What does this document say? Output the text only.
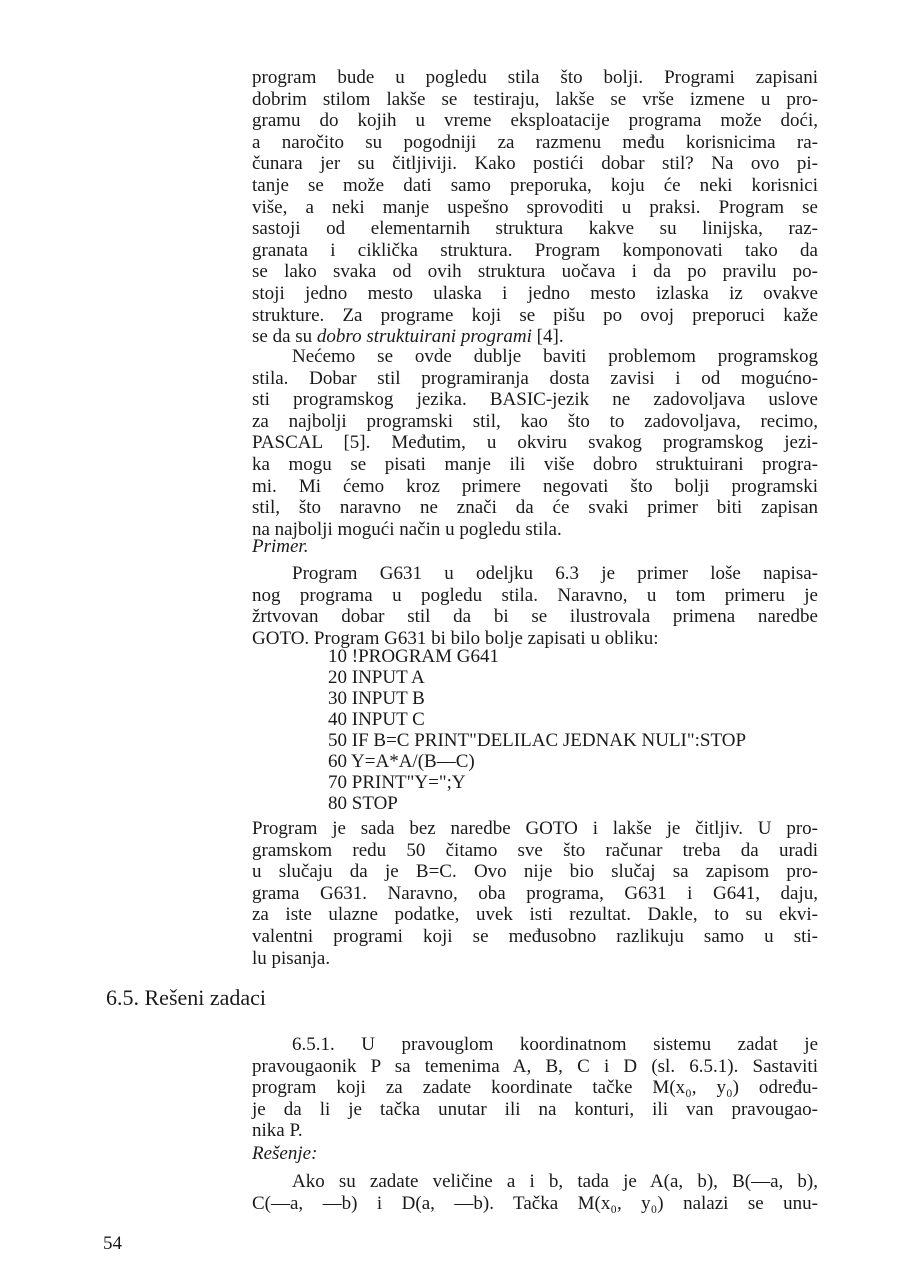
program bude u pogledu stila što bolji. Programi zapisani
dobrim stilom lakše se testiraju, lakše se vrše izmene u pro-
gramu do kojih u vreme eksploatacije programa može doći,
a naročito su pogodniji za razmenu među korisnicima ra-
čunara jer su čitljiviji. Kako postići dobar stil? Na ovo pi-
tanje se može dati samo preporuka, koju će neki korisnici
više, a neki manje uspešno sprovoditi u praksi. Program se
sastoji od elementarnih struktura kakve su linijska, raz-
granata i ciklička struktura. Program komponovati tako da
se lako svaka od ovih struktura uočava i da po pravilu po-
stoji jedno mesto ulaska i jedno mesto izlaska iz ovakve
strukture. Za programe koji se pišu po ovoj preporuci kaže
se da su dobro struktuirani programi [4].
Nećemo se ovde dublje baviti problemom programskog
stila. Dobar stil programiranja dosta zavisi i od mogućno-
sti programskog jezika. BASIC-jezik ne zadovoljava uslove
za najbolji programski stil, kao što to zadovoljava, recimo,
PASCAL [5]. Međutim, u okviru svakog programskog jezi-
ka mogu se pisati manje ili više dobro struktuirani progra-
mi. Mi ćemo kroz primere negovati što bolji programski
stil, što naravno ne znači da će svaki primer biti zapisan
na najbolji mogući način u pogledu stila.
Primer.
Program G631 u odeljku 6.3 je primer loše napisa-
nog programa u pogledu stila. Naravno, u tom primeru je
žrtvovan dobar stil da bi se ilustrovala primena naredbe
GOTO. Program G631 bi bilo bolje zapisati u obliku:
10 !PROGRAM G641
20 INPUT A
30 INPUT B
40 INPUT C
50 IF B=C PRINT"DELILAC JEDNAK NULI":STOP
60 Y=A*A/(B—C)
70 PRINT"Y=";Y
80 STOP
Program je sada bez naredbe GOTO i lakše je čitljiv. U pro-
gramskom redu 50 čitamo sve što računar treba da uradi
u slučaju da je B=C. Ovo nije bio slučaj sa zapisom pro-
grama G631. Naravno, oba programa, G631 i G641, daju,
za iste ulazne podatke, uvek isti rezultat. Dakle, to su ekvi-
valentni programi koji se međusobno razlikuju samo u sti-
lu pisanja.
6.5. Rešeni zadaci
6.5.1. U pravouglom koordinatnom sistemu zadat je
pravougaonik P sa temenima A, B, C i D (sl. 6.5.1). Sastaviti
program koji za zadate koordinate tačke M(x₀, y₀) određu-
je da li je tačka unutar ili na konturi, ili van pravougao-
nika P.
Rešenje:
Ako su zadate veličine a i b, tada je A(a, b), B(—a, b),
C(—a, —b) i D(a, —b). Tačka M(x₀, y₀) nalazi se unu-
54
